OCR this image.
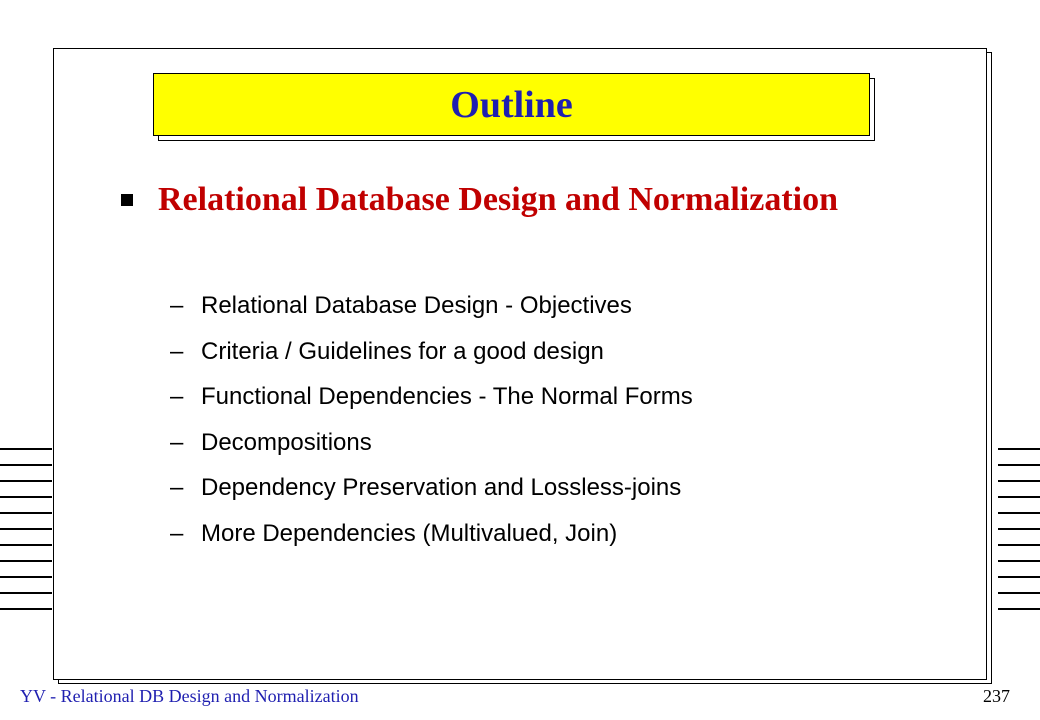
Outline
Relational Database Design and Normalization
– Relational Database Design - Objectives
– Criteria / Guidelines for a good design
– Functional Dependencies - The Normal Forms
– Decompositions
– Dependency Preservation and Lossless-joins
– More Dependencies (Multivalued, Join)
YV - Relational DB Design and Normalization	237
